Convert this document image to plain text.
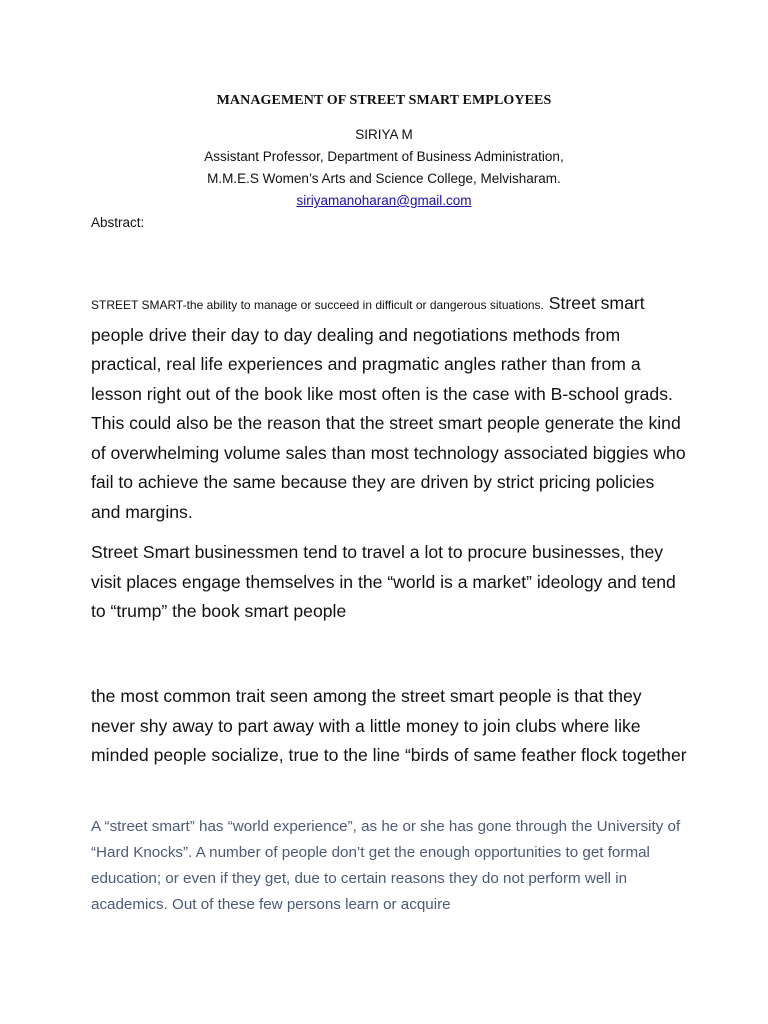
MANAGEMENT OF STREET SMART EMPLOYEES
SIRIYA M
Assistant Professor, Department of Business Administration,
M.M.E.S Women’s Arts and Science College, Melvisharam.
siriyamanoharan@gmail.com
Abstract:
STREET SMART-the ability to manage or succeed in difficult or dangerous situations. Street smart people drive their day to day dealing and negotiations methods from practical, real life experiences and pragmatic angles rather than from a lesson right out of the book like most often is the case with B-school grads. This could also be the reason that the street smart people generate the kind of overwhelming volume sales than most technology associated biggies who fail to achieve the same because they are driven by strict pricing policies and margins.
Street Smart businessmen tend to travel a lot to procure businesses, they visit places engage themselves in the “world is a market” ideology and tend to “trump” the book smart people
the most common trait seen among the street smart people is that they never shy away to part away with a little money to join clubs where like minded people socialize, true to the line “birds of same feather flock together
A “street smart” has “world experience”, as he or she has gone through the University of “Hard Knocks”. A number of people don’t get the enough opportunities to get formal education; or even if they get, due to certain reasons they do not perform well in academics. Out of these few persons learn or acquire
